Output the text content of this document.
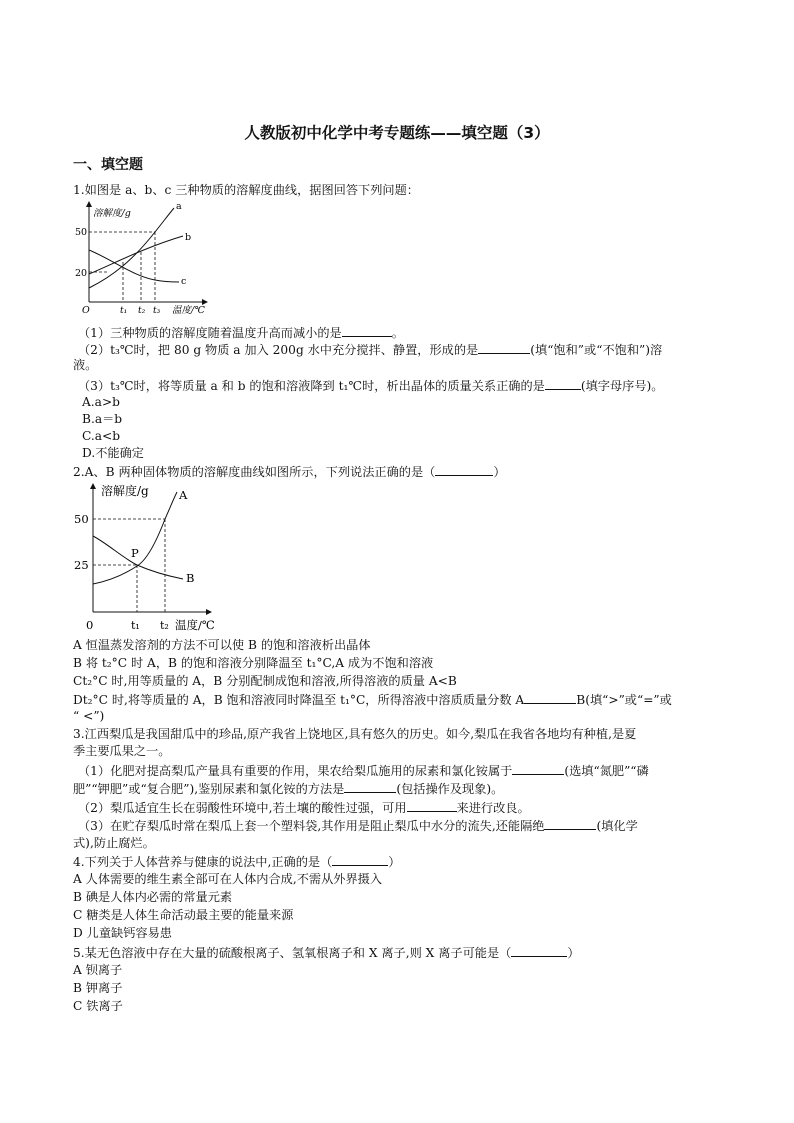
人教版初中化学中考专题练——填空题（3）
一、填空题
1.如图是 a、b、c 三种物质的溶解度曲线，据图回答下列问题：
溶解度/g
温度/℃
O
50
20
t₁ t₂ t₃
a
b
c
（1）三种物质的溶解度随着温度升高而减小的是	。
（2）t₃℃时，把 80 g 物质 a 加入 200g 水中充分搅拌、静置，形成的是	(填“饱和”或“不饱和”)溶
液。
（3）t₃℃时，将等质量 a 和 b 的饱和溶液降到 t₁℃时，析出晶体的质量关系正确的是	(填字母序号)。
A.a>b
B.a＝b
C.a<b
D.不能确定
2.A、B 两种固体物质的溶解度曲线如图所示，下列说法正确的是（	）
溶解度/g
温度/℃
0
50
25
t₁ t₂
P
A
B
A 恒温蒸发溶剂的方法不可以使 B 的饱和溶液析出晶体
B 将 t₂°C 时 A，B 的饱和溶液分别降温至 t₁°C,A 成为不饱和溶液
Ct₂°C 时,用等质量的 A，B 分别配制成饱和溶液,所得溶液的质量 A<B
Dt₂°C 时,将等质量的 A，B 饱和溶液同时降温至 t₁°C，所得溶液中溶质质量分数 A	B(填“>”或“=”或
“ <”)
3.江西梨瓜是我国甜瓜中的珍品,原产我省上饶地区,具有悠久的历史。如今,梨瓜在我省各地均有种植,是夏
季主要瓜果之一。
（1）化肥对提高梨瓜产量具有重要的作用，果农给梨瓜施用的尿素和氯化铵属于	(选填“氮肥”“磷
肥”“钾肥”或“复合肥”),鉴别尿素和氯化铵的方法是	(包括操作及现象)。
（2）梨瓜适宜生长在弱酸性环境中,若土壤的酸性过强，可用	来进行改良。
（3）在贮存梨瓜时常在梨瓜上套一个塑料袋,其作用是阻止梨瓜中水分的流失,还能隔绝	(填化学
式),防止腐烂。
4.下列关于人体营养与健康的说法中,正确的是（	）
A 人体需要的维生素全部可在人体内合成,不需从外界摄入
B 碘是人体内必需的常量元素
C 糖类是人体生命活动最主要的能量来源
D 儿童缺钙容易患
5.某无色溶液中存在大量的硫酸根离子、氢氧根离子和 X 离子,则 X 离子可能是（	）
A 钡离子
B 钾离子
C 铁离子
